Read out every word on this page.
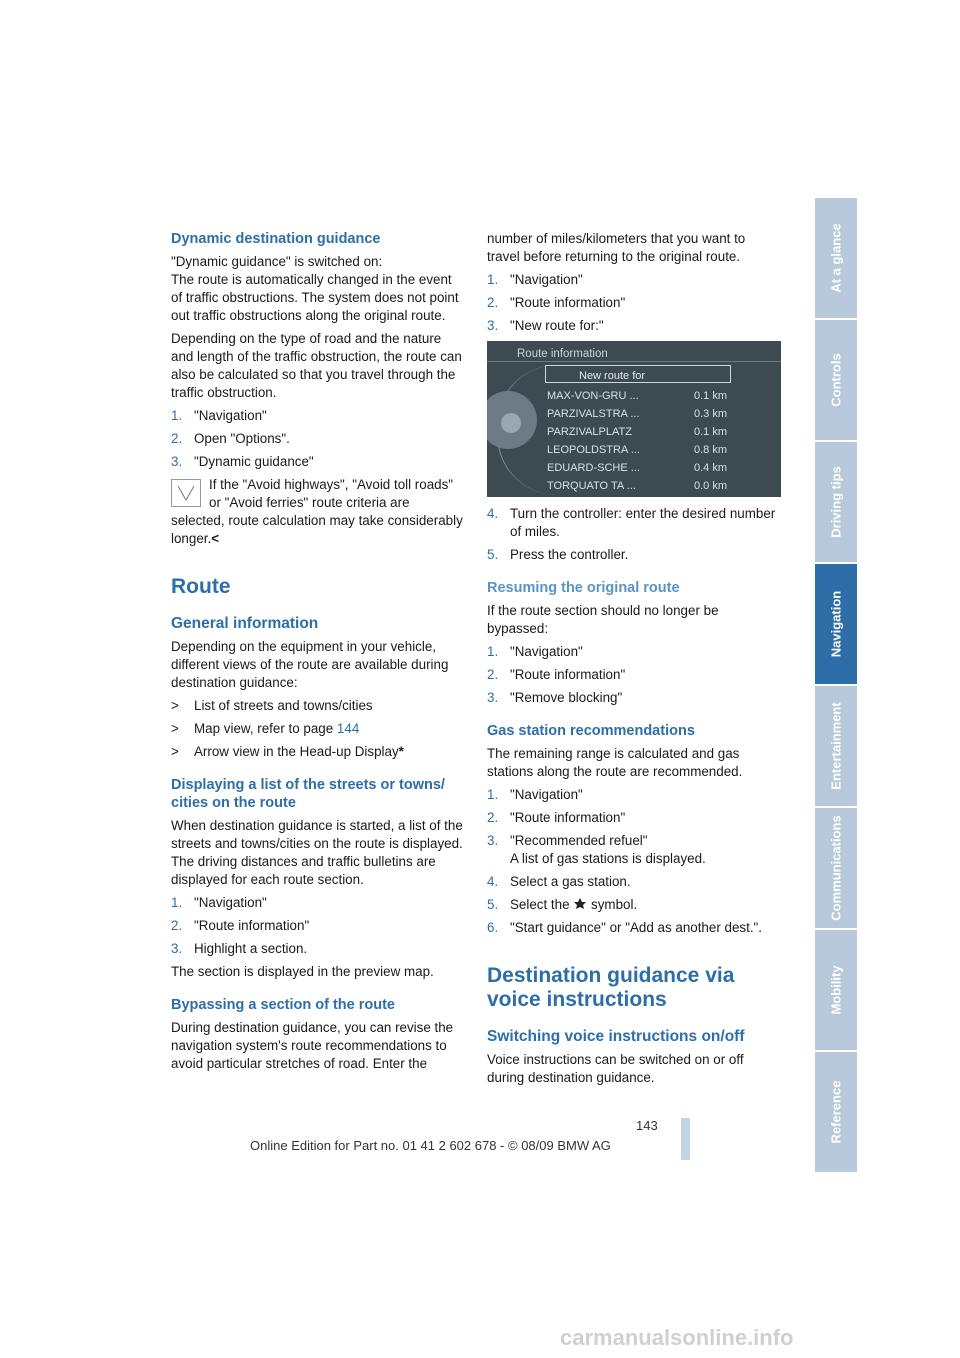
At a glance
Controls
Driving tips
Navigation
Entertainment
Communications
Mobility
Reference
Dynamic destination guidance

"Dynamic guidance" is switched on:
The route is automatically changed in the event of traffic obstructions. The system does not point out traffic obstructions along the original route.

Depending on the type of road and the nature and length of the traffic obstruction, the route can also be calculated so that you travel through the traffic obstruction.

1. "Navigation"
2. Open "Options".
3. "Dynamic guidance"
If the "Avoid highways", "Avoid toll roads" or "Avoid ferries" route criteria are selected, route calculation may take considerably longer.<
Route
General information

Depending on the equipment in your vehicle, different views of the route are available during destination guidance:

>	List of streets and towns/cities
>	Map view, refer to page 144
>	Arrow view in the Head-up Display*
Displaying a list of the streets or towns/ cities on the route

When destination guidance is started, a list of the streets and towns/cities on the route is displayed. The driving distances and traffic bulletins are displayed for each route section.

1. "Navigation"
2. "Route information"
3. Highlight a section.

The section is displayed in the preview map.

Bypassing a section of the route

During destination guidance, you can revise the navigation system's route recommendations to avoid particular stretches of road. Enter the

number of miles/kilometers that you want to travel before returning to the original route.

1. "Navigation"
2. "Route information"
3. "New route for:"
Route information
New route for
MAX-VON-GRU ...	0.1 km
PARZIVALSTRA ...	0.3 km
PARZIVALPLATZ	0.1 km
LEOPOLDSTRA ...	0.8 km
EDUARD-SCHE ...	0.4 km
TORQUATO TA ...	0.0 km
4. Turn the controller: enter the desired number of miles.
5. Press the controller.
Resuming the original route

If the route section should no longer be bypassed:

1. "Navigation"
2. "Route information"
3. "Remove blocking"
Gas station recommendations

The remaining range is calculated and gas stations along the route are recommended.

1. "Navigation"
2. "Route information"
3. "Recommended refuel"
A list of gas stations is displayed.
4. Select a gas station.
5. Select the symbol.
6. "Start guidance" or "Add as another dest.".
Destination guidance via voice instructions
Switching voice instructions on/off

Voice instructions can be switched on or off during destination guidance.

143
Online Edition for Part no. 01 41 2 602 678 - © 08/09 BMW AG
carmanualsonline.info
